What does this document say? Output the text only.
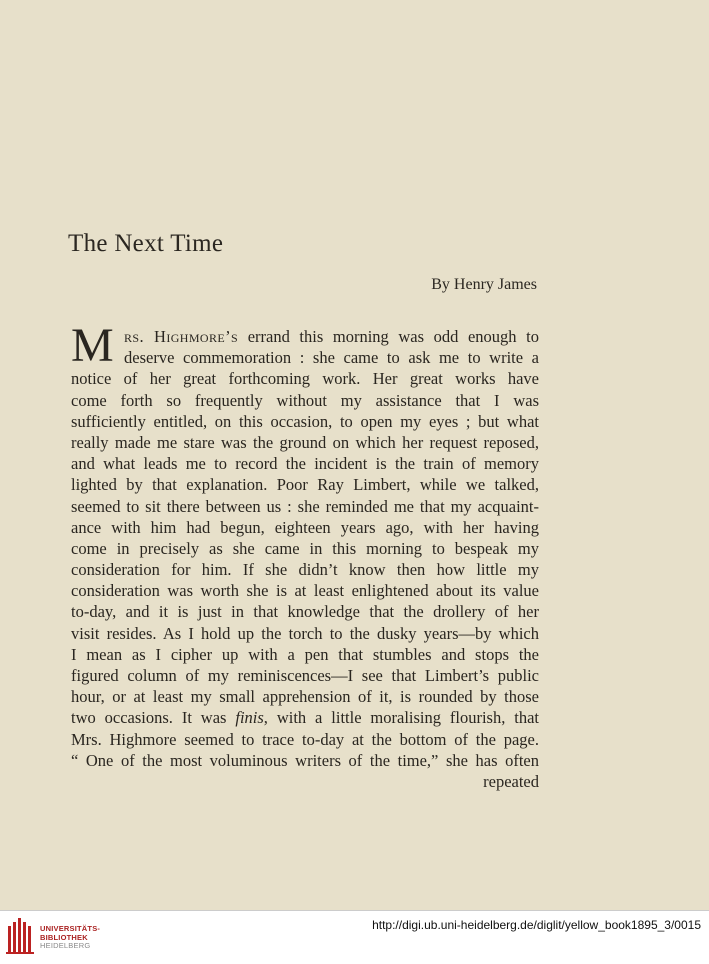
The Next Time
By Henry James
M rs. Highmore’s errand this morning was odd enough to
deserve commemoration : she came to ask me to write a
notice of her great forthcoming work. Her great works have
come forth so frequently without my assistance that I was
sufficiently entitled, on this occasion, to open my eyes ; but what
really made me stare was the ground on which her request reposed,
and what leads me to record the incident is the train of memory
lighted by that explanation. Poor Ray Limbert, while we talked,
seemed to sit there between us : she reminded me that my acquaint-
ance with him had begun, eighteen years ago, with her having
come in precisely as she came in this morning to bespeak my
consideration for him. If she didn’t know then how little my
consideration was worth she is at least enlightened about its value
to-day, and it is just in that knowledge that the drollery of her
visit resides. As I hold up the torch to the dusky years—by which
I mean as I cipher up with a pen that stumbles and stops the
figured column of my reminiscences—I see that Limbert’s public
hour, or at least my small apprehension of it, is rounded by those
two occasions. It was finis, with a little moralising flourish, that
Mrs. Highmore seemed to trace to-day at the bottom of the page.
“ One of the most voluminous writers of the time,” she has often
repeated
UNIVERSITÄTS-
BIBLIOTHEK
HEIDELBERG
http://digi.ub.uni-heidelberg.de/diglit/yellow_book1895_3/0015
